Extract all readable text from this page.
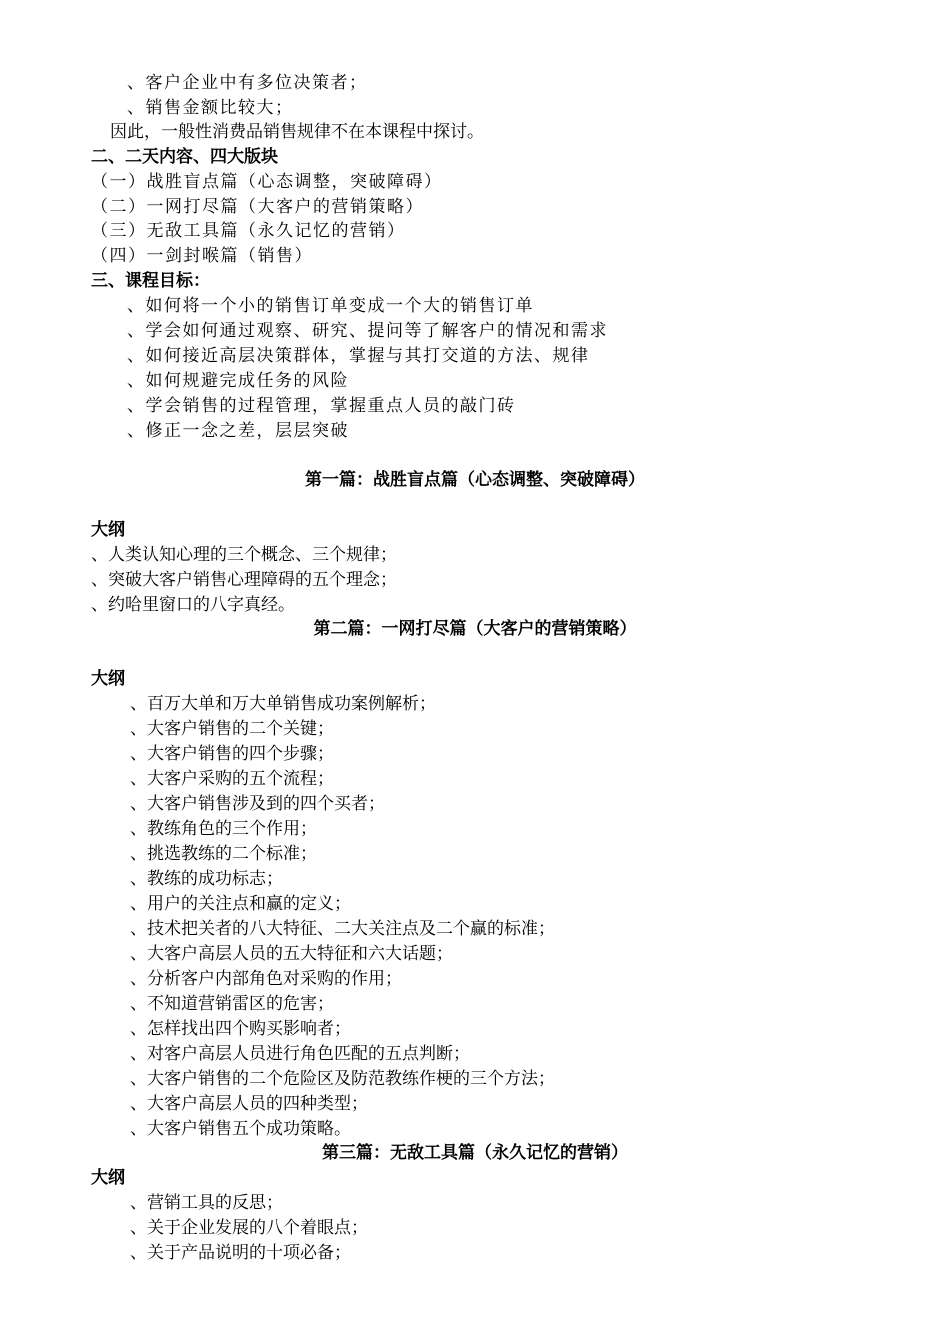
、客户企业中有多位决策者；
、销售金额比较大；
因此，一般性消费品销售规律不在本课程中探讨。
二、二天内容、四大版块
（一）战胜盲点篇（心态调整，突破障碍）
（二）一网打尽篇（大客户的营销策略）
（三）无敌工具篇（永久记忆的营销）
（四）一剑封喉篇（销售）
三、课程目标：
、如何将一个小的销售订单变成一个大的销售订单
、学会如何通过观察、研究、提问等了解客户的情况和需求
、如何接近高层决策群体，掌握与其打交道的方法、规律
、如何规避完成任务的风险
、学会销售的过程管理，掌握重点人员的敲门砖
、修正一念之差，层层突破
第一篇：战胜盲点篇（心态调整、突破障碍）
大纲
、人类认知心理的三个概念、三个规律；
、突破大客户销售心理障碍的五个理念；
、约哈里窗口的八字真经。
第二篇：一网打尽篇（大客户的营销策略）
大纲
、百万大单和万大单销售成功案例解析；
、大客户销售的二个关键；
、大客户销售的四个步骤；
、大客户采购的五个流程；
、大客户销售涉及到的四个买者；
、教练角色的三个作用；
、挑选教练的二个标准；
、教练的成功标志；
、用户的关注点和赢的定义；
、技术把关者的八大特征、二大关注点及二个赢的标准；
、大客户高层人员的五大特征和六大话题；
、分析客户内部角色对采购的作用；
、不知道营销雷区的危害；
、怎样找出四个购买影响者；
、对客户高层人员进行角色匹配的五点判断；
、大客户销售的二个危险区及防范教练作梗的三个方法；
、大客户高层人员的四种类型；
、大客户销售五个成功策略。
第三篇：无敌工具篇（永久记忆的营销）
大纲
、营销工具的反思；
、关于企业发展的八个着眼点；
、关于产品说明的十项必备；
